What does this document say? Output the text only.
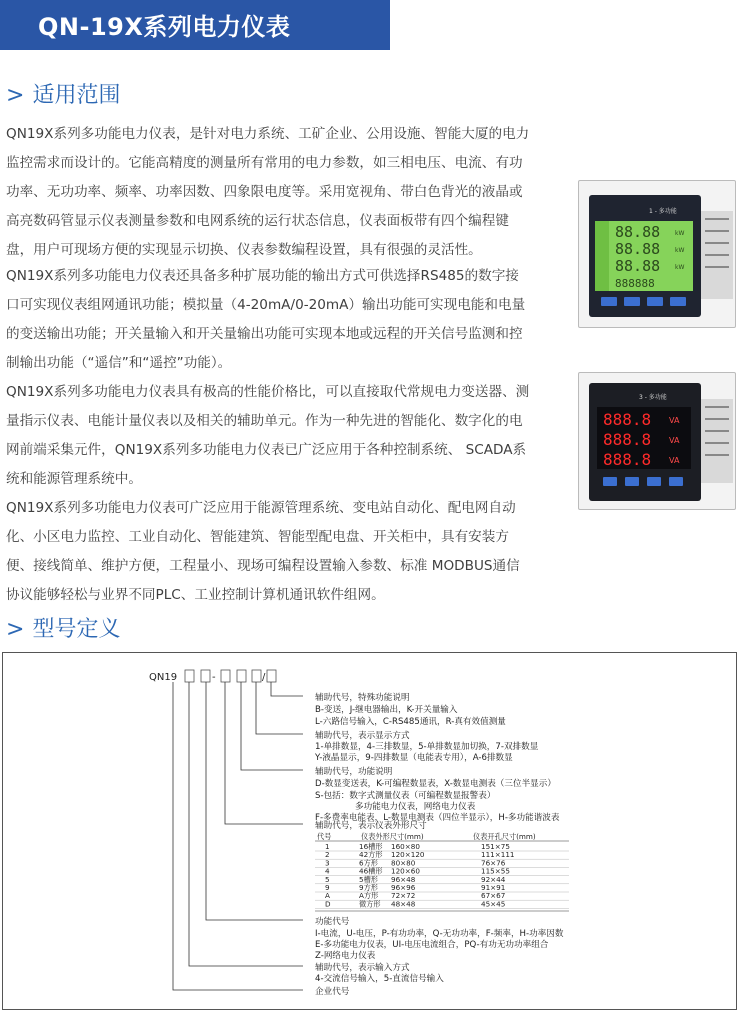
QN-19X系列电力仪表
> 适用范围
QN19X系列多功能电力仪表，是针对电力系统、工矿企业、公用设施、智能大厦的电力
监控需求而设计的。它能高精度的测量所有常用的电力参数，如三相电压、电流、有功
功率、无功功率、频率、功率因数、四象限电度等。采用宽视角、带白色背光的液晶或
高亮数码管显示仪表测量参数和电网系统的运行状态信息，仪表面板带有四个编程键
盘，用户可现场方便的实现显示切换、仪表参数编程设置，具有很强的灵活性。
QN19X系列多功能电力仪表还具备多种扩展功能的输出方式可供选择RS485的数字接
口可实现仪表组网通讯功能；模拟量（4-20mA/0-20mA）输出功能可实现电能和电量
的变送输出功能；开关量输入和开关量输出功能可实现本地或远程的开关信号监测和控
制输出功能（“遥信”和“遥控”功能）。
QN19X系列多功能电力仪表具有极高的性能价格比，可以直接取代常规电力变送器、测
量指示仪表、电能计量仪表以及相关的辅助单元。作为一种先进的智能化、数字化的电
网前端采集元件，QN19X系列多功能电力仪表已广泛应用于各种控制系统、 SCADA系
统和能源管理系统中。
QN19X系列多功能电力仪表可广泛应用于能源管理系统、变电站自动化、配电网自动
化、小区电力监控、工业自动化、智能建筑、智能型配电盘、开关柜中，具有安装方
便、接线简单、维护方便，工程量小、现场可编程设置输入参数、标准 MODBUS通信
协议能够轻松与业界不同PLC、工业控制计算机通讯软件组网。
88.88
88.88
88.88
888888
kW
kW
kW
1 - 多功能
888.8
888.8
888.8
VA
VA
VA
3 - 多功能
> 型号定义
QN19	-	/
辅助代号，特殊功能说明
B-变送，J-继电器输出，K-开关量输入
L-六路信号输入，C-RS485通讯，R-真有效值测量
辅助代号，表示显示方式
1-单排数显，4-三排数显，5-单排数显加切换，7-双排数显
Y-液晶显示，9-四排数显（电能表专用），A-6排数显
辅助代号，功能说明
D-数显变送表，K-可编程数显表，X-数显电测表（三位半显示）
S-包括：数字式测量仪表（可编程数显报警表）
多功能电力仪表，网络电力仪表
F-多费率电能表，L-数显电测表（四位半显示），H-多功能谐波表
辅助代号，表示仪表外形尺寸
代号	仪表外形尺寸(mm)	仪表开孔尺寸(mm)
1	16槽形 160×80	151×75
2	42方形 120×120	111×111
3	6方形 80×80	76×76
4	46槽形 120×60	115×55
5	5槽形 96×48	92×44
9	9方形 96×96	91×91
A	A方形 72×72	67×67
D	微方形 48×48	45×45
功能代号
I-电流，U-电压，P-有功功率，Q-无功功率，F-频率，H-功率因数
E-多功能电力仪表，UI-电压电流组合，PQ-有功无功功率组合
Z-网络电力仪表
辅助代号，表示输入方式
4-交流信号输入，5-直流信号输入
企业代号
